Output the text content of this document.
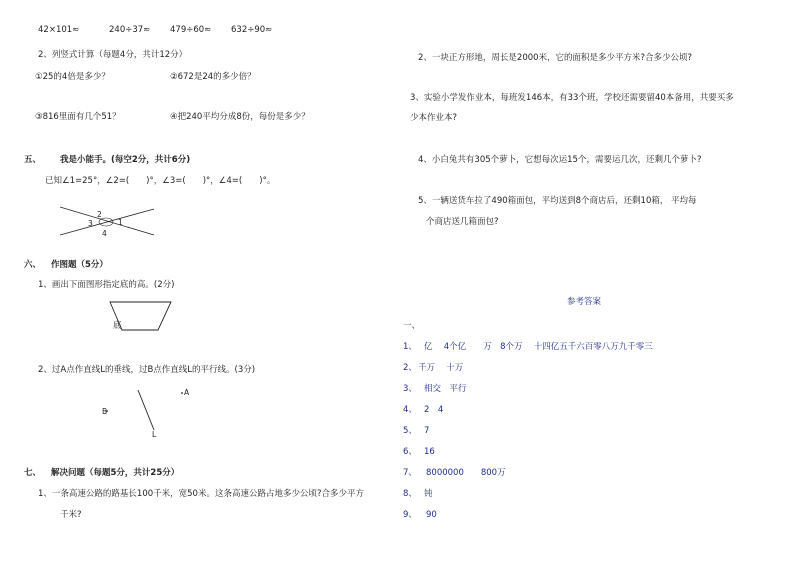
42×101≈	240÷37≈ 479÷60≈ 632÷90≈
2、列竖式计算（每题4分，共计12分）
①25的4倍是多少？	②672是24的多少倍？
③816里面有几个51？	④把240平均分成8份，每份是多少？
五、 我是小能手。(每空2分，共计6分)
已知∠1=25°，∠2=(　　)°，∠3=(　　)°，∠4=(　　)°。
2
3	1
4
六、 作图题（5分）
1、画出下面图形指定底的高。(2分)
底
2、过A点作直线L的垂线，过B点作直线L的平行线。(3分)
B
A
L
七、 解决问题（每题5分，共计25分）
1、一条高速公路的路基长100千米，宽50米。这条高速公路占地多少公顷?合多少平方
千米?
2、一块正方形地，周长是2000米，它的面积是多少平方米?合多少公顷?
3、实验小学发作业本，每班发146本，有33个班，学校还需要留40本备用，共要买多
少本作业本?
4、小白兔共有305个萝卜，它想每次运15个，需要运几次，还剩几个萝卜?
5、一辆送货车拉了490箱面包，平均送到8个商店后，还剩10箱， 平均每
个商店送几箱面包?
参考答案
一、
1、 亿　 4个亿　　万　8个万　 十四亿五千六百零八万九千零三
2、 千万　 十万
3、 相交　平行
4、 2　4
5、 7
6、 16
7、 8000000　　800万
8、 钝
9、 90
